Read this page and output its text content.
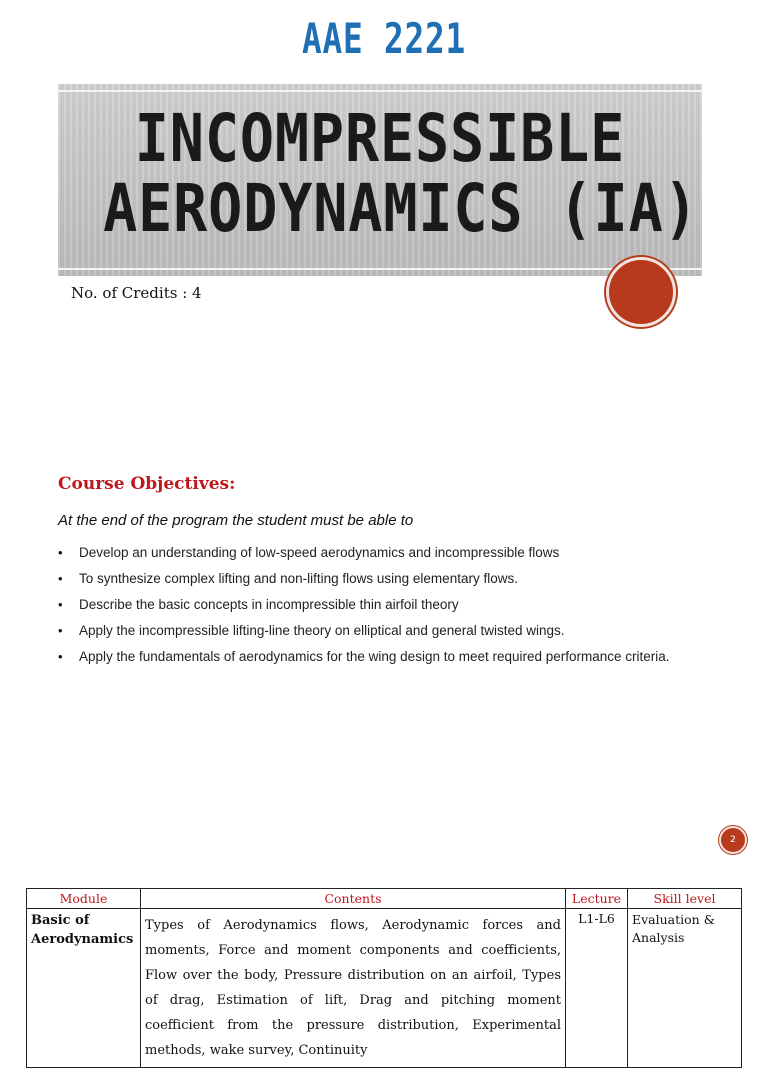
AAE 2221
INCOMPRESSIBLE
AERODYNAMICS (IA)
No. of Credits : 4
Course Objectives:
At the end of the program the student must be able to
• Develop an understanding of low-speed aerodynamics and incompressible flows
• To synthesize complex lifting and non-lifting flows using elementary flows.
• Describe the basic concepts in incompressible thin airfoil theory
• Apply the incompressible lifting-line theory on elliptical and general twisted wings.
• Apply the fundamentals of aerodynamics for the wing design to meet required performance criteria.
2
Module	Contents	Lecture	Skill level
Basic of Aerodynamics	Types of Aerodynamics flows, Aerodynamic forces and moments, Force and moment components and coefficients, Flow over the body, Pressure distribution on an airfoil, Types of drag, Estimation of lift, Drag and pitching moment coefficient from the pressure distribution, Experimental methods, wake survey, Continuity	L1-L6	Evaluation & Analysis
